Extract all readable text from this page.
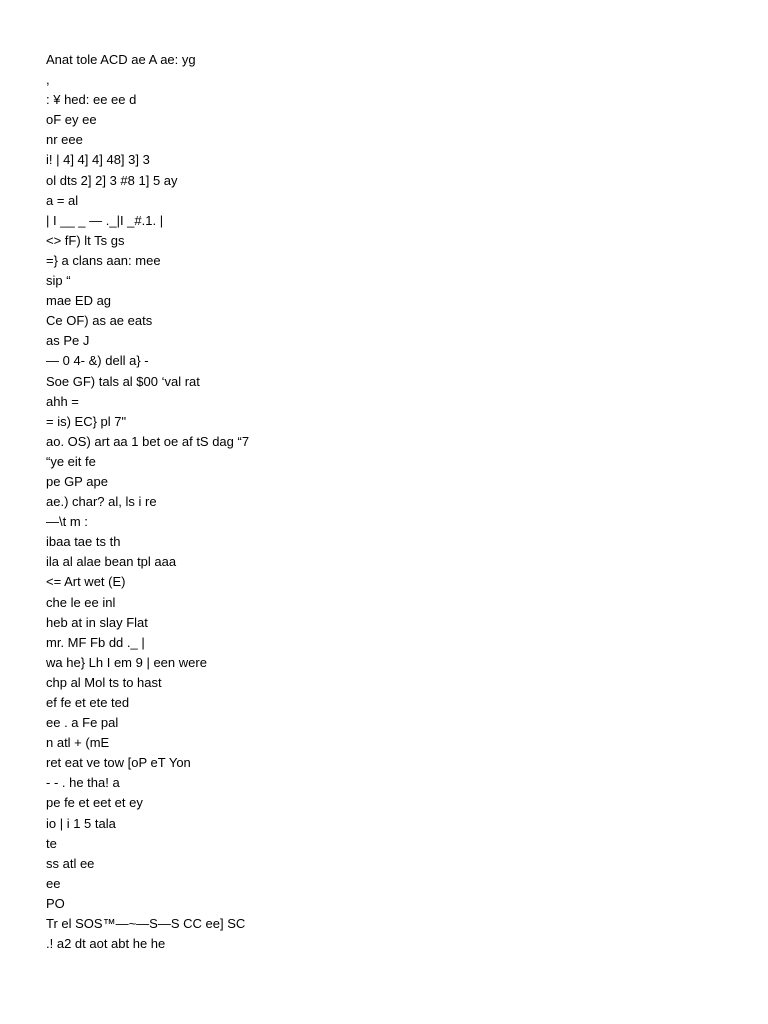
Anat tole ACD ae A ae: yg
,
: ¥ hed: ee ee d
oF ey ee
nr eee
i! | 4] 4] 4] 48] 3] 3
ol dts 2] 2] 3 #8 1] 5 ay
a = al
| I __ _ — ._|I _#.1. |
<> fF) lt Ts gs
=} a clans aan: mee
sip “
mae ED ag
Ce OF) as ae eats
as Pe J
— 0 4- &) dell a} -
Soe GF) tals al $00 ‘val rat
ahh =
= is) EC} pl 7"
ao. OS) art aa 1 bet oe af tS dag “7
“ye eit fe
pe GP ape
ae.) char? al, ls i re
—\t m :
ibaa tae ts th
ila al alae bean tpl aaa
<= Art wet (E)
che le ee inl
heb at in slay Flat
mr. MF Fb dd ._ |
wa he} Lh I em 9 | een were
chp al Mol ts to hast
ef fe et ete ted
ee . a Fe pal
n atl + (mE
ret eat ve tow [oP eT Yon
- - . he tha! a
pe fe et eet et ey
io | i 1 5 tala
te
ss atl ee
ee
PO
Tr el SOS™—~—S—S CC ee] SC
.! a2 dt aot abt he he
